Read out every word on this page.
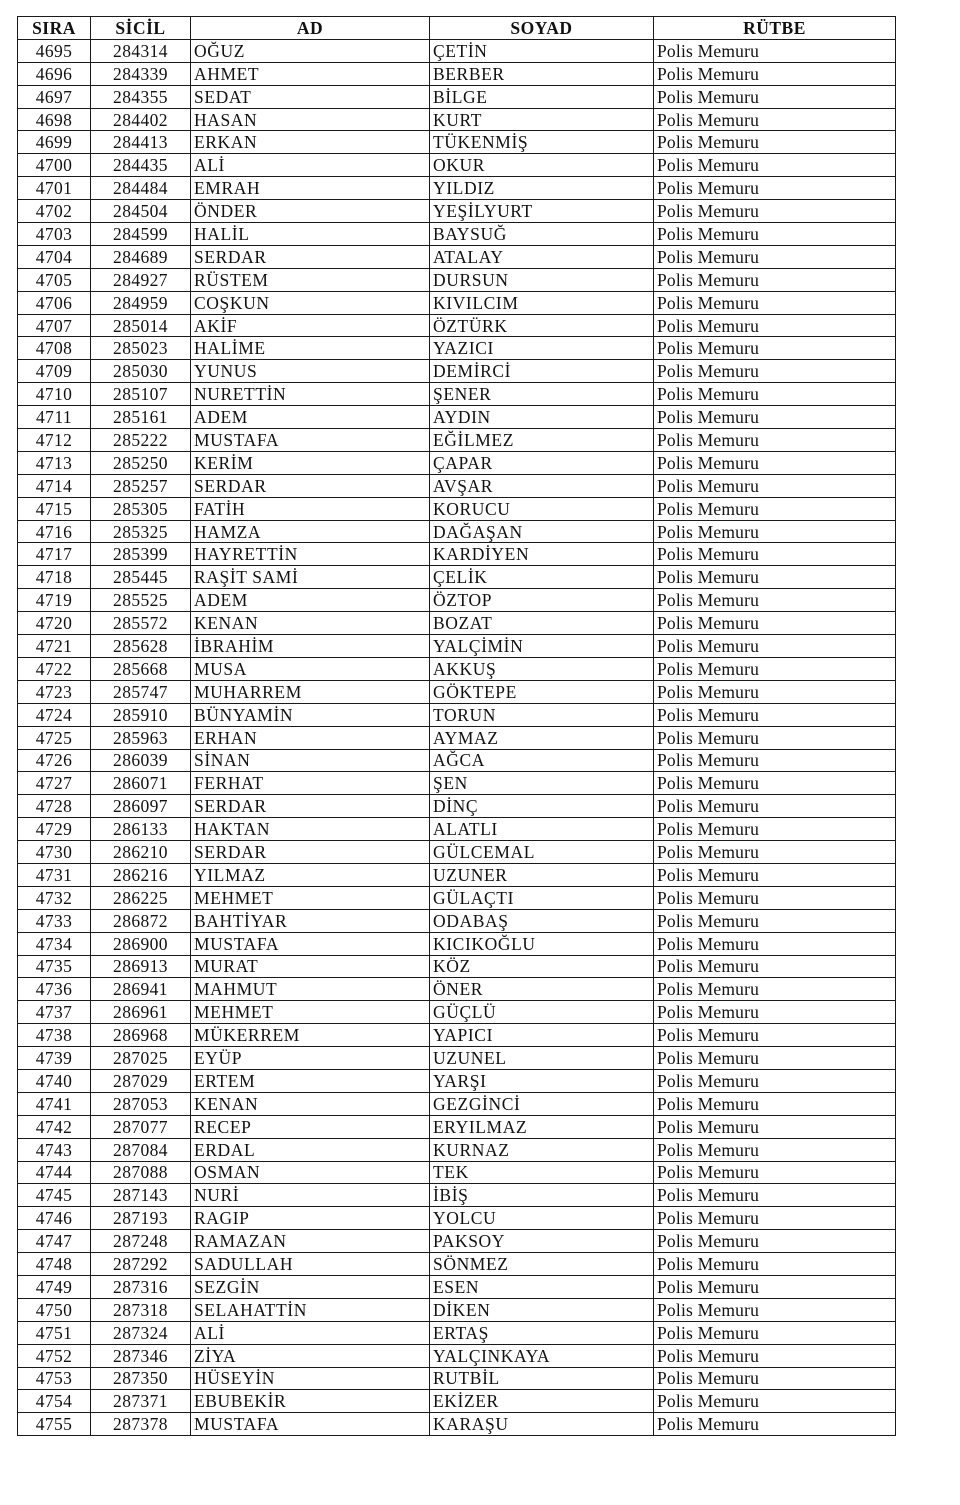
SIRA	SİCİL	AD	SOYAD	RÜTBE
4695	284314	OĞUZ	ÇETİN	Polis Memuru
4696	284339	AHMET	BERBER	Polis Memuru
4697	284355	SEDAT	BİLGE	Polis Memuru
4698	284402	HASAN	KURT	Polis Memuru
4699	284413	ERKAN	TÜKENMİŞ	Polis Memuru
4700	284435	ALİ	OKUR	Polis Memuru
4701	284484	EMRAH	YILDIZ	Polis Memuru
4702	284504	ÖNDER	YEŞİLYURT	Polis Memuru
4703	284599	HALİL	BAYSUĞ	Polis Memuru
4704	284689	SERDAR	ATALAY	Polis Memuru
4705	284927	RÜSTEM	DURSUN	Polis Memuru
4706	284959	COŞKUN	KIVILCIM	Polis Memuru
4707	285014	AKİF	ÖZTÜRK	Polis Memuru
4708	285023	HALİME	YAZICI	Polis Memuru
4709	285030	YUNUS	DEMİRCİ	Polis Memuru
4710	285107	NURETTİN	ŞENER	Polis Memuru
4711	285161	ADEM	AYDIN	Polis Memuru
4712	285222	MUSTAFA	EĞİLMEZ	Polis Memuru
4713	285250	KERİM	ÇAPAR	Polis Memuru
4714	285257	SERDAR	AVŞAR	Polis Memuru
4715	285305	FATİH	KORUCU	Polis Memuru
4716	285325	HAMZA	DAĞAŞAN	Polis Memuru
4717	285399	HAYRETTİN	KARDİYEN	Polis Memuru
4718	285445	RAŞİT SAMİ	ÇELİK	Polis Memuru
4719	285525	ADEM	ÖZTOP	Polis Memuru
4720	285572	KENAN	BOZAT	Polis Memuru
4721	285628	İBRAHİM	YALÇİMİN	Polis Memuru
4722	285668	MUSA	AKKUŞ	Polis Memuru
4723	285747	MUHARREM	GÖKTEPE	Polis Memuru
4724	285910	BÜNYAMİN	TORUN	Polis Memuru
4725	285963	ERHAN	AYMAZ	Polis Memuru
4726	286039	SİNAN	AĞCA	Polis Memuru
4727	286071	FERHAT	ŞEN	Polis Memuru
4728	286097	SERDAR	DİNÇ	Polis Memuru
4729	286133	HAKTAN	ALATLI	Polis Memuru
4730	286210	SERDAR	GÜLCEMAL	Polis Memuru
4731	286216	YILMAZ	UZUNER	Polis Memuru
4732	286225	MEHMET	GÜLAÇTI	Polis Memuru
4733	286872	BAHTİYAR	ODABAŞ	Polis Memuru
4734	286900	MUSTAFA	KICIKOĞLU	Polis Memuru
4735	286913	MURAT	KÖZ	Polis Memuru
4736	286941	MAHMUT	ÖNER	Polis Memuru
4737	286961	MEHMET	GÜÇLÜ	Polis Memuru
4738	286968	MÜKERREM	YAPICI	Polis Memuru
4739	287025	EYÜP	UZUNEL	Polis Memuru
4740	287029	ERTEM	YARŞI	Polis Memuru
4741	287053	KENAN	GEZGİNCİ	Polis Memuru
4742	287077	RECEP	ERYILMAZ	Polis Memuru
4743	287084	ERDAL	KURNAZ	Polis Memuru
4744	287088	OSMAN	TEK	Polis Memuru
4745	287143	NURİ	İBİŞ	Polis Memuru
4746	287193	RAGIP	YOLCU	Polis Memuru
4747	287248	RAMAZAN	PAKSOY	Polis Memuru
4748	287292	SADULLAH	SÖNMEZ	Polis Memuru
4749	287316	SEZGİN	ESEN	Polis Memuru
4750	287318	SELAHATTİN	DİKEN	Polis Memuru
4751	287324	ALİ	ERTAŞ	Polis Memuru
4752	287346	ZİYA	YALÇINKAYA	Polis Memuru
4753	287350	HÜSEYİN	RUTBİL	Polis Memuru
4754	287371	EBUBEKİR	EKİZER	Polis Memuru
4755	287378	MUSTAFA	KARAŞU	Polis Memuru
